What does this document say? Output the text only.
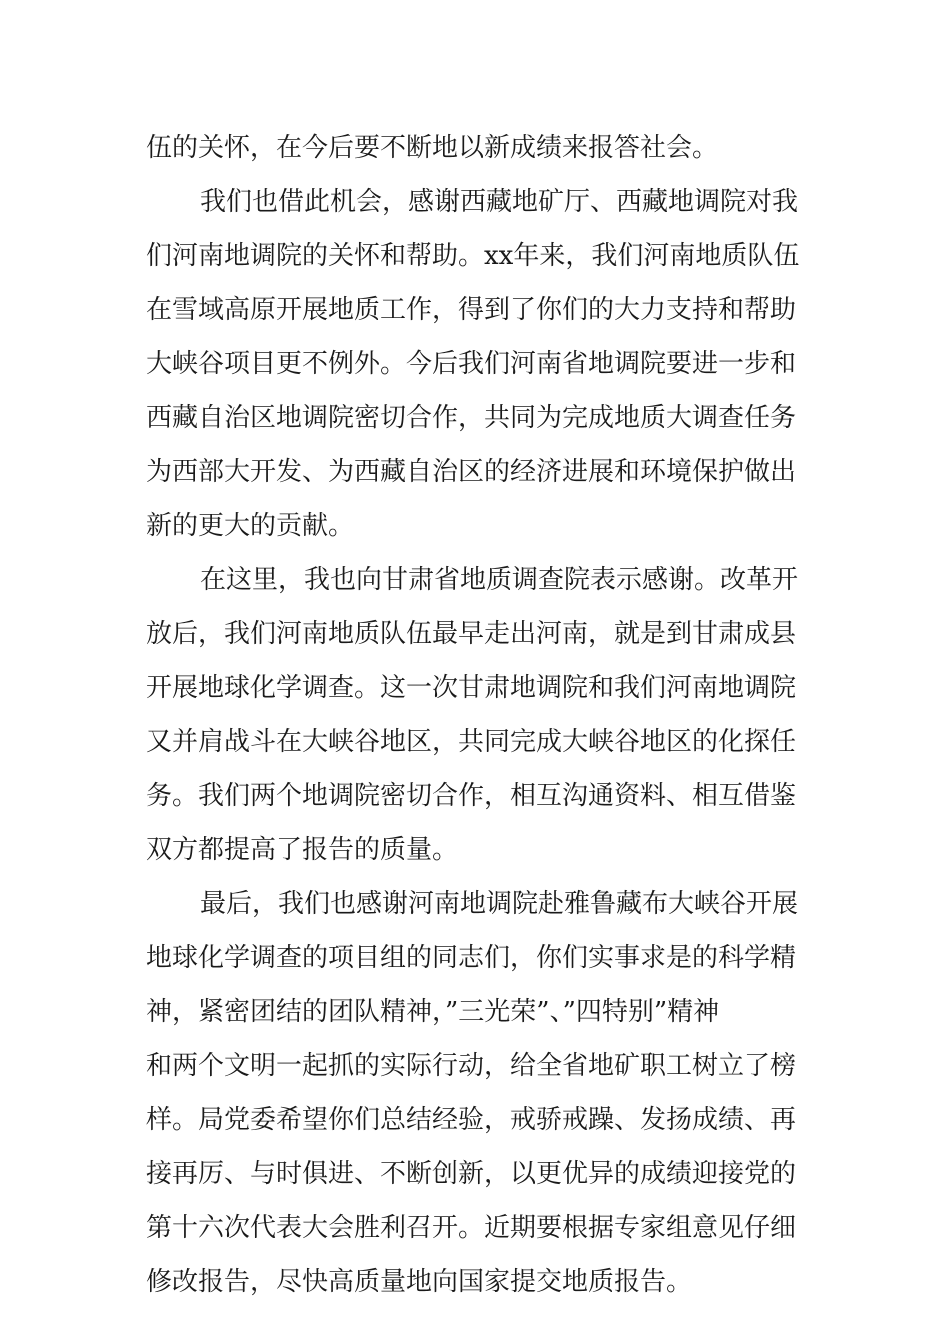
伍的关怀，在今后要不断地以新成绩来报答社会。
我们也借此机会，感谢西藏地矿厅、西藏地调院对我
们河南地调院的关怀和帮助。xx年来，我们河南地质队伍
在雪域高原开展地质工作，得到了你们的大力支持和帮助
大峡谷项目更不例外。今后我们河南省地调院要进一步和
西藏自治区地调院密切合作，共同为完成地质大调查任务
为西部大开发、为西藏自治区的经济进展和环境保护做出
新的更大的贡献。
在这里，我也向甘肃省地质调查院表示感谢。改革开
放后，我们河南地质队伍最早走出河南，就是到甘肃成县
开展地球化学调查。这一次甘肃地调院和我们河南地调院
又并肩战斗在大峡谷地区，共同完成大峡谷地区的化探任
务。我们两个地调院密切合作，相互沟通资料、相互借鉴
双方都提高了报告的质量。
最后，我们也感谢河南地调院赴雅鲁藏布大峡谷开展
地球化学调查的项目组的同志们，你们实事求是的科学精
神，紧密团结的团队精神，”三光荣”、”四特别”精神
和两个文明一起抓的实际行动，给全省地矿职工树立了榜
样。局党委希望你们总结经验，戒骄戒躁、发扬成绩、再
接再厉、与时俱进、不断创新，以更优异的成绩迎接党的
第十六次代表大会胜利召开。近期要根据专家组意见仔细
修改报告，尽快高质量地向国家提交地质报告。
